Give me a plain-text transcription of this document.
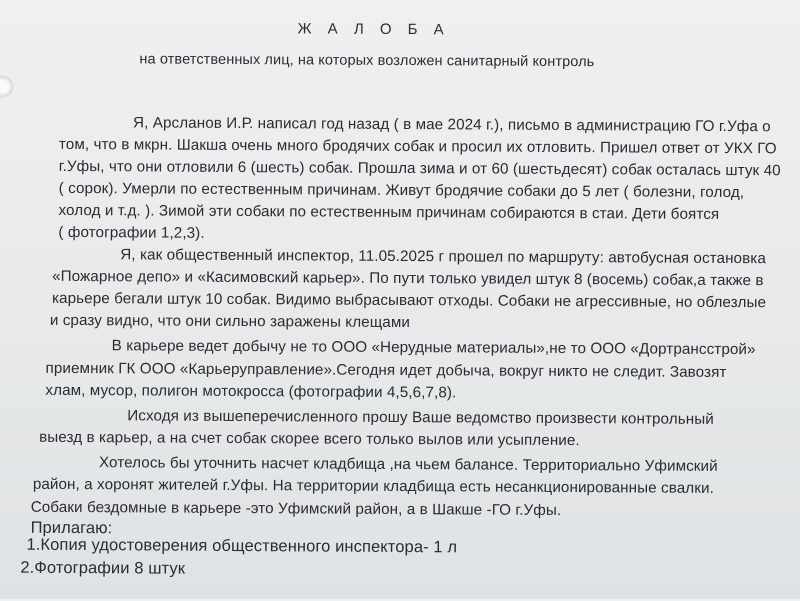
Ж А Л О Б А
на ответственных лиц, на которых возложен санитарный контроль
Я, Арсланов И.Р. написал год назад ( в мае 2024 г.), письмо в администрацию ГО г.Уфа о
том, что в мкрн. Шакша очень много бродячих собак и просил их отловить. Пришел ответ от УКХ ГО
г.Уфы, что они отловили 6 (шесть) собак. Прошла зима и от 60 (шестьдесят) собак осталась штук 40
( сорок). Умерли по естественным причинам. Живут бродячие собаки до 5 лет ( болезни, голод,
холод и т.д. ). Зимой эти собаки по естественным причинам собираются в стаи. Дети боятся
( фотографии 1,2,3).
Я, как общественный инспектор, 11.05.2025 г прошел по маршруту: автобусная остановка
«Пожарное депо» и «Касимовский карьер». По пути только увидел штук 8 (восемь) собак,а также в
карьере бегали штук 10 собак. Видимо выбрасывают отходы. Собаки не агрессивные, но облезлые
и сразу видно, что они сильно заражены клещами
В карьере ведет добычу не то ООО «Нерудные материалы»,не то ООО «Дортрансстрой»
приемник ГК ООО «Карьеруправление».Сегодня идет добыча, вокруг никто не следит. Завозят
хлам, мусор, полигон мотокросса (фотографии 4,5,6,7,8).
Исходя из вышеперечисленного прошу Ваше ведомство произвести контрольный
выезд в карьер, а на счет собак скорее всего только вылов или усыпление.
Хотелось бы уточнить насчет кладбища ,на чьем балансе. Территориально Уфимский
район, а хоронят жителей г.Уфы. На территории кладбища есть несанкционированные свалки.
Собаки бездомные в карьере -это Уфимский район, а в Шакше -ГО г.Уфы.
Прилагаю:
1.Копия удостоверения общественного инспектора- 1 л
2.Фотографии 8 штук
